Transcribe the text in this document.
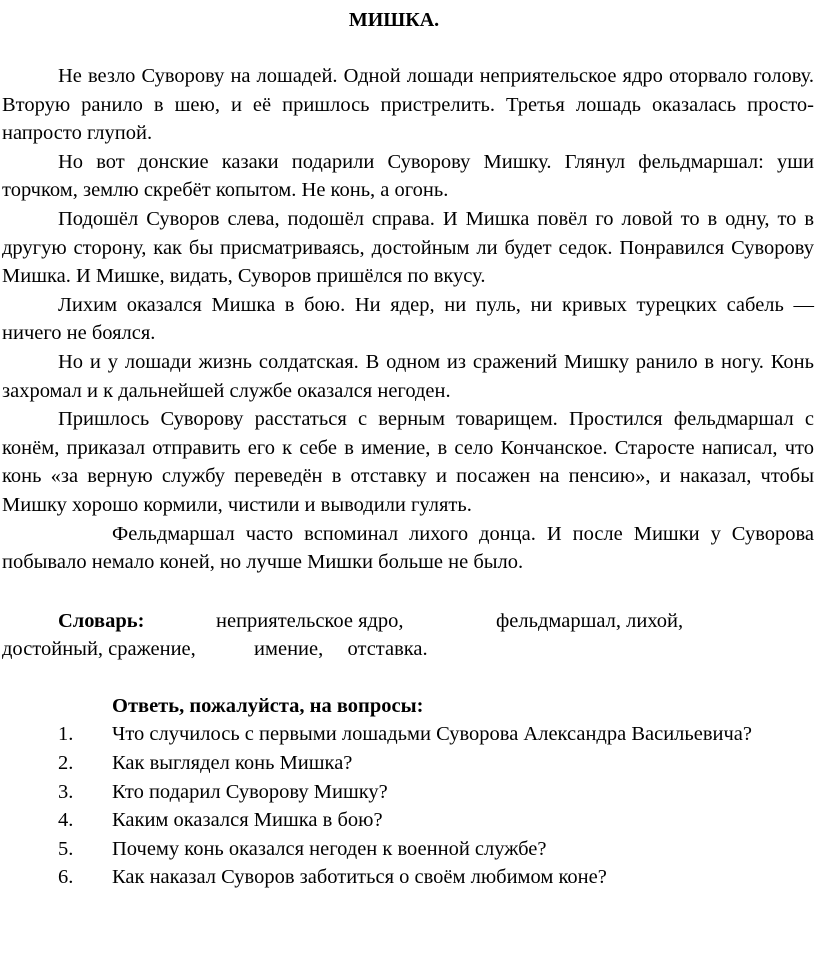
МИШКА.

Не везло Суворову на лошадей. Одной лошади неприятельское ядро оторвало голову. Вторую ранило в шею, и её пришлось пристрелить. Третья лошадь оказалась просто-напросто глупой.

Но вот донские казаки подарили Суворову Мишку. Глянул фельдмаршал: уши торчком, землю скребёт копытом. Не конь, а огонь.

Подошёл Суворов слева, подошёл справа. И Мишка повёл го ловой то в одну, то в другую сторону, как бы присматриваясь, достойным ли будет седок. Понравился Суворову Мишка. И Мишке, видать, Суворов пришёлся по вкусу.

Лихим оказался Мишка в бою. Ни ядер, ни пуль, ни кривых турецких сабель — ничего не боялся.

Но и у лошади жизнь солдатская. В одном из сражений Мишку ранило в ногу. Конь захромал и к дальнейшей службе оказался негоден.

Пришлось Суворову расстаться с верным товарищем. Простился фельдмаршал с конём, приказал отправить его к себе в имение, в село Кончанское. Старосте написал, что конь «за верную службу переведён в отставку и посажен на пенсию», и наказал, чтобы Мишку хорошо кормили, чистили и выводили гулять.

Фельдмаршал часто вспоминал лихого донца. И после Мишки у Суворова побывало немало коней, но лучше Мишки больше не было.

Словарь:	неприятельское ядро,	фельдмаршал, лихой,
достойный, сражение,	имение, отставка.
Ответь, пожалуйста, на вопросы:
1.	Что случилось с первыми лошадьми Суворова Александра Васильевича?
2.	Как выглядел конь Мишка?
3.	Кто подарил Суворову Мишку?
4.	Каким оказался Мишка в бою?
5.	Почему конь оказался негоден к военной службе?
6.	Как наказал Суворов заботиться о своём любимом коне?
